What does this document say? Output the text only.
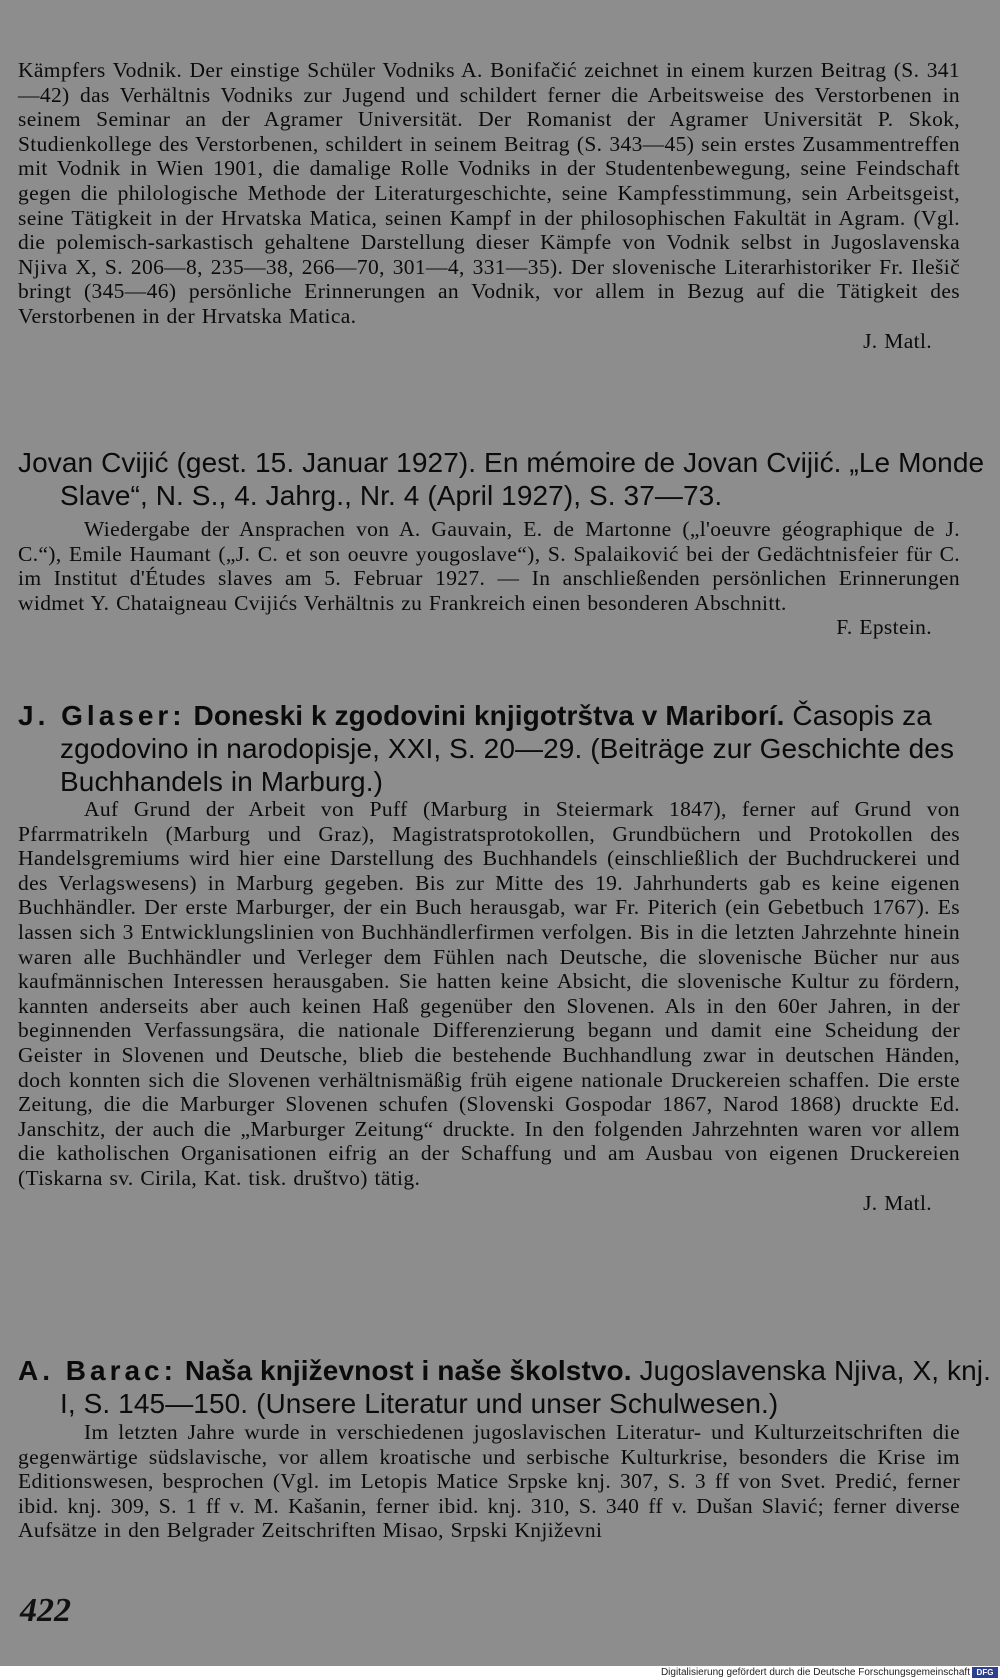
Kämpfers Vodnik. Der einstige Schüler Vodniks A. Bonifačić zeichnet in einem kurzen Beitrag (S. 341—42) das Verhältnis Vodniks zur Jugend und schildert ferner die Arbeitsweise des Verstorbenen in seinem Seminar an der Agramer Universität. Der Romanist der Agramer Universität P. Skok, Studienkollege des Verstorbenen, schildert in seinem Beitrag (S. 343—45) sein erstes Zusammentreffen mit Vodnik in Wien 1901, die damalige Rolle Vodniks in der Studentenbewegung, seine Feindschaft gegen die philologische Methode der Literaturgeschichte, seine Kampfesstimmung, sein Arbeitsgeist, seine Tätigkeit in der Hrvatska Matica, seinen Kampf in der philosophischen Fakultät in Agram. (Vgl. die polemisch-sarkastisch gehaltene Darstellung dieser Kämpfe von Vodnik selbst in Jugoslavenska Njiva X, S. 206—8, 235—38, 266—70, 301—4, 331—35). Der slovenische Literarhistoriker Fr. Ilešič bringt (345—46) persönliche Erinnerungen an Vodnik, vor allem in Bezug auf die Tätigkeit des Verstorbenen in der Hrvatska Matica.
J. Matl.
Jovan Cvijić (gest. 15. Januar 1927). En mémoire de Jovan Cvijić. „Le Monde Slave“, N. S., 4. Jahrg., Nr. 4 (April 1927), S. 37—73.
Wiedergabe der Ansprachen von A. Gauvain, E. de Martonne („l'oeuvre géographique de J. C.“), Emile Haumant („J. C. et son oeuvre yougoslave“), S. Spalaiković bei der Gedächtnisfeier für C. im Institut d'Études slaves am 5. Februar 1927. — In anschließenden persönlichen Erinnerungen widmet Y. Chataigneau Cvijićs Verhältnis zu Frankreich einen besonderen Abschnitt.
F. Epstein.
J. Glaser: Doneski k zgodovini knjigotrštva v Mariborí. Časopis za zgodovino in narodopisje, XXI, S. 20—29. (Beiträge zur Geschichte des Buchhandels in Marburg.)
Auf Grund der Arbeit von Puff (Marburg in Steiermark 1847), ferner auf Grund von Pfarrmatrikeln (Marburg und Graz), Magistratsprotokollen, Grundbüchern und Protokollen des Handelsgremiums wird hier eine Darstellung des Buchhandels (einschließlich der Buchdruckerei und des Verlagswesens) in Marburg gegeben. Bis zur Mitte des 19. Jahrhunderts gab es keine eigenen Buchhändler. Der erste Marburger, der ein Buch herausgab, war Fr. Piterich (ein Gebetbuch 1767). Es lassen sich 3 Entwicklungslinien von Buchhändlerfirmen verfolgen. Bis in die letzten Jahrzehnte hinein waren alle Buchhändler und Verleger dem Fühlen nach Deutsche, die slovenische Bücher nur aus kaufmännischen Interessen herausgaben. Sie hatten keine Absicht, die slovenische Kultur zu fördern, kannten anderseits aber auch keinen Haß gegenüber den Slovenen. Als in den 60er Jahren, in der beginnenden Verfassungsära, die nationale Differenzierung begann und damit eine Scheidung der Geister in Slovenen und Deutsche, blieb die bestehende Buchhandlung zwar in deutschen Händen, doch konnten sich die Slovenen verhältnismäßig früh eigene nationale Druckereien schaffen. Die erste Zeitung, die die Marburger Slovenen schufen (Slovenski Gospodar 1867, Narod 1868) druckte Ed. Janschitz, der auch die „Marburger Zeitung“ druckte. In den folgenden Jahrzehnten waren vor allem die katholischen Organisationen eifrig an der Schaffung und am Ausbau von eigenen Druckereien (Tiskarna sv. Cirila, Kat. tisk. društvo) tätig.
J. Matl.
A. Barac: Naša književnost i naše školstvo. Jugoslavenska Njiva, X, knj. I, S. 145—150. (Unsere Literatur und unser Schulwesen.)
Im letzten Jahre wurde in verschiedenen jugoslavischen Literatur- und Kulturzeitschriften die gegenwärtige südslavische, vor allem kroatische und serbische Kulturkrise, besonders die Krise im Editionswesen, besprochen (Vgl. im Letopis Matice Srpske knj. 307, S. 3 ff von Svet. Predić, ferner ibid. knj. 309, S. 1 ff v. M. Kašanin, ferner ibid. knj. 310, S. 340 ff v. Dušan Slavić; ferner diverse Aufsätze in den Belgrader Zeitschriften Misao, Srpski Književni
422
Digitalisierung gefördert durch die Deutsche Forschungsgemeinschaft DFG
